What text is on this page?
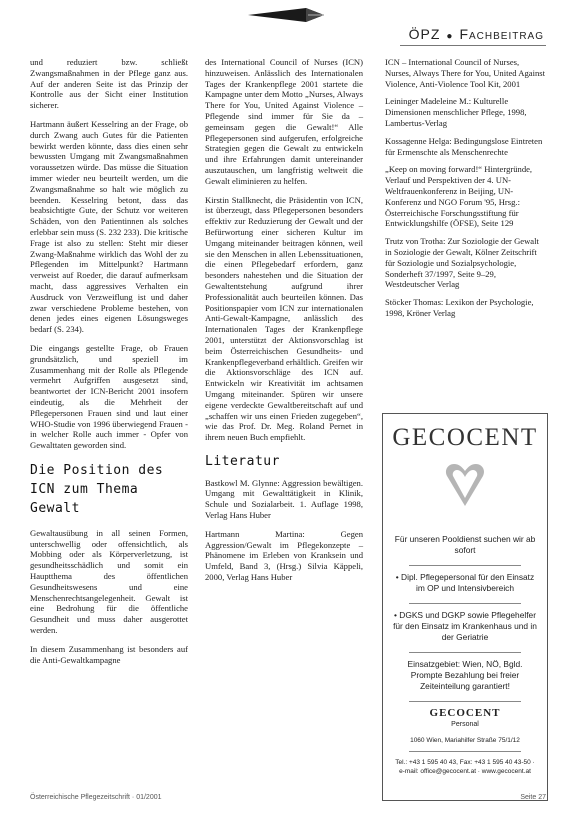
ÖPZ ● Fachbeitrag

und reduziert bzw. schließt Zwangsmaßnahmen in der Pflege ganz aus. Auf der anderen Seite ist das Prinzip der Kontrolle aus der Sicht einer Institution sicherer.

Hartmann äußert Kesselring an der Frage, ob durch Zwang auch Gutes für die Patienten bewirkt werden könnte, dass dies einen sehr bewussten Umgang mit Zwangsmaßnahmen voraussetzen würde. Das müsse die Situation immer wieder neu beurteilt werden, um die Zwangsmaßnahme so halt wie möglich zu beenden. Kesselring betont, dass das beabsichtigte Gute, der Schutz vor weiteren Schäden, von den Patientinnen als solches erlebbar sein muss (S. 232 233). Die kritische Frage ist also zu stellen: Steht mir dieser Zwang-Maßnahme wirklich das Wohl der zu Pflegenden im Mittelpunkt? Hartmann verweist auf Roeder, die darauf aufmerksam macht, dass aggressives Verhalten ein Ausdruck von Verzweiflung ist und daher zwar verschiedene Probleme bestehen, von denen jedes eines eigenen Lösungsweges bedarf (S. 234).

Die eingangs gestellte Frage, ob Frauen grundsätzlich, und speziell im Zusammenhang mit der Rolle als Pflegende vermehrt Aufgriffen ausgesetzt sind, beantwortet der ICN-Bericht 2001 insofern eindeutig, als die Mehrheit der Pflegepersonen Frauen sind und laut einer WHO-Studie von 1996 überwiegend Frauen - in welcher Rolle auch immer - Opfer von Gewalttaten geworden sind.

Die Position des ICN zum Thema Gewalt

Gewaltausübung in all seinen Formen, unterschwellig oder offensichtlich, als Mobbing oder als Körperverletzung, ist gesundheitsschädlich und somit ein Hauptthema des öffentlichen Gesundheitswesens und eine Menschenrechtsangelegenheit. Gewalt ist eine Bedrohung für die öffentliche Gesundheit und muss daher ausgerottet werden.

In diesem Zusammenhang ist besonders auf die Anti-Gewaltkampagne

des International Council of Nurses (ICN) hinzuweisen. Anlässlich des Internationalen Tages der Krankenpflege 2001 startete die Kampagne unter dem Motto „Nurses, Always There for You, United Against Violence – Pflegende sind immer für Sie da – gemeinsam gegen die Gewalt!“ Alle Pflegepersonen sind aufgerufen, erfolgreiche Strategien gegen die Gewalt zu entwickeln und ihre Erfahrungen damit untereinander auszutauschen, um langfristig weltweit die Gewalt eliminieren zu helfen.

Kirstin Stallknecht, die Präsidentin von ICN, ist überzeugt, dass Pflegepersonen besonders effektiv zur Reduzierung der Gewalt und der Befürwortung einer sicheren Kultur im Umgang miteinander beitragen können, weil sie den Menschen in allen Lebenssituationen, die einen Pflegebedarf erfordern, ganz besonders nahestehen und die Situation der Gewaltentstehung aufgrund ihrer Professionalität auch beurteilen können. Das Positionspapier vom ICN zur internationalen Anti-Gewalt-Kampagne, anlässlich des Internationalen Tages der Krankenpflege 2001, unterstützt der Aktionsvorschlag ist beim Österreichischen Gesundheits- und Krankenpflegeverband erhältlich. Greifen wir die Aktionsvorschläge des ICN auf. Entwickeln wir Kreativität im achtsamen Umgang miteinander. Spüren wir unsere eigene verdeckte Gewaltbereitschaft auf und „schaffen wir uns einen Frieden zugegeben“, wie das Prof. Dr. Meg. Roland Pernet in ihrem neuen Buch empfiehlt.

Literatur

Bastkowl M. Glynne: Aggression bewältigen. Umgang mit Gewalttätigkeit in Klinik, Schule und Sozialarbeit. 1. Auflage 1998, Verlag Hans Huber

Hartmann Martina: Gegen Aggression/Gewalt im Pflegekonzepte – Phänomene im Erleben von Kranksein und Umfeld, Band 3, (Hrsg.) Silvia Käppeli, 2000, Verlag Hans Huber

ICN – International Council of Nurses, Nurses, Always There for You, United Against Violence, Anti-Violence Tool Kit, 2001

Leininger Madeleine M.: Kulturelle Dimensionen menschlicher Pflege, 1998, Lambertus-Verlag

Kossagenne Helga: Bedingungslose Eintreten für Ermenschte als Menschenrechte

„Keep on moving forward!“ Hintergründe, Verlauf und Perspektiven der 4. UN-Weltfrauenkonferenz in Beijing, UN-Konferenz und NGO Forum '95, Hrsg.: Österreichische Forschungsstiftung für Entwicklungshilfe (ÖFSE), Seite 129

Trutz von Trotha: Zur Soziologie der Gewalt in Soziologie der Gewalt, Kölner Zeitschrift für Soziologie und Sozialpsychologie, Sonderheft 37/1997, Seite 9–29, Westdeutscher Verlag

Stöcker Thomas: Lexikon der Psychologie, 1998, Kröner Verlag

GECOCENT

Für unseren Pooldienst suchen wir ab sofort

• Dipl. Pflegepersonal für den Einsatz im OP und Intensivbereich

• DGKS und DGKP sowie Pflegehelfer für den Einsatz im Krankenhaus und in der Geriatrie

Einsatzgebiet: Wien, NÖ, Bgld. Prompte Bezahlung bei freier Zeiteinteilung garantiert!

GECOCENT
Personal
1060 Wien, Mariahilfer Straße 75/1/12
Tel.: +43 1 595 40 43, Fax: +43 1 595 40 43-50 · e-mail: office@gecocent.at · www.gecocent.at
Österreichische Pflegezeitschrift · 01/2001	Seite 27
